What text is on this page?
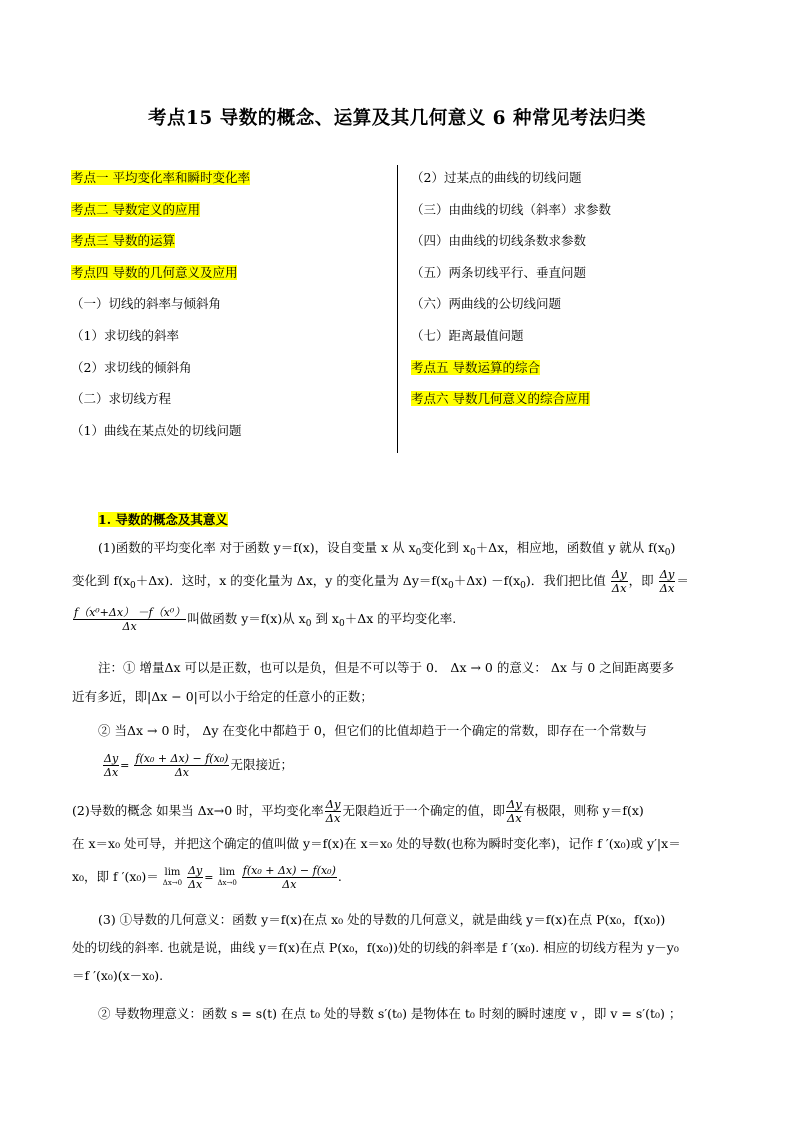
考点15 导数的概念、运算及其几何意义 6 种常见考法归类
考点一 平均变化率和瞬时变化率
考点二 导数定义的应用
考点三 导数的运算
考点四 导数的几何意义及应用
（一）切线的斜率与倾斜角
（1）求切线的斜率
（2）求切线的倾斜角
（二）求切线方程
（1）曲线在某点处的切线问题
（2）过某点的曲线的切线问题
（三）由曲线的切线（斜率）求参数
（四）由曲线的切线条数求参数
（五）两条切线平行、垂直问题
（六）两曲线的公切线问题
（七）距离最值问题
考点五 导数运算的综合
考点六 导数几何意义的综合应用
1. 导数的概念及其意义
(1)函数的平均变化率 对于函数 y＝f(x)，设自变量 x 从 $x_0$变化到 $x_0+\Delta x$，相应地，函数值 y 就从 $f(x_0)$
变化到 $f(x_0+\Delta x)$．这时，x 的变化量为 Δx，y 的变化量为 $\Delta y=f(x_0+\Delta x) -f(x_0)$．我们把比值 $\frac{\Delta y}{\Delta x}$ ，即 $\frac{\Delta y}{\Delta x}$ ＝
$\frac{\text{f（x⁰+Δx） －f（x⁰）}}{\Delta x}$ 叫做函数 y＝f(x)从 $x_0$ 到 $x_0+\Delta x$ 的平均变化率.
注：① 增量Δx 可以是正数，也可以是负，但是不可以等于 0． Δx → 0 的意义： Δx 与 0 之间距离要多
近有多近，即|Δx − 0|可以小于给定的任意小的正数；
② 当Δx → 0 时， Δy 在变化中都趋于 0，但它们的比值却趋于一个确定的常数，即存在一个常数与
$\frac{\Delta y}{\Delta x} = \frac{\text{f(x₀ + Δx) − f(x₀)}}{\Delta x}$ 无限接近；
(2)导数的概念 如果当 Δx→0 时，平均变化率 $\frac{\Delta y}{\Delta x}$ 无限趋近于一个确定的值，即 $\frac{\Delta y}{\Delta x}$ 有极限，则称 y＝f(x)
在 x＝x₀ 处可导，并把这个确定的值叫做 y＝f(x)在 x＝x₀ 处的导数(也称为瞬时变化率)，记作 f ′(x₀)或 y′|x＝
x₀，即 f ′(x₀)＝ lim
Δx→0
$\frac{\Delta y}{\Delta x} = \lim$
Δx→0
$\frac{\text{f(x₀ + Δx) − f(x₀)}}{\Delta x}$ .
(3) ①导数的几何意义：函数 y＝f(x)在点 x₀ 处的导数的几何意义，就是曲线 y＝f(x)在点 P(x₀，f(x₀))
处的切线的斜率. 也就是说，曲线 y＝f(x)在点 P(x₀，f(x₀))处的切线的斜率是 f ′(x₀). 相应的切线方程为 y－y₀
＝f ′(x₀)(x－x₀).
② 导数物理意义：函数 s = s(t) 在点 t₀ 处的导数 s′(t₀) 是物体在 t₀ 时刻的瞬时速度 v ，即 v = s′(t₀) ；
